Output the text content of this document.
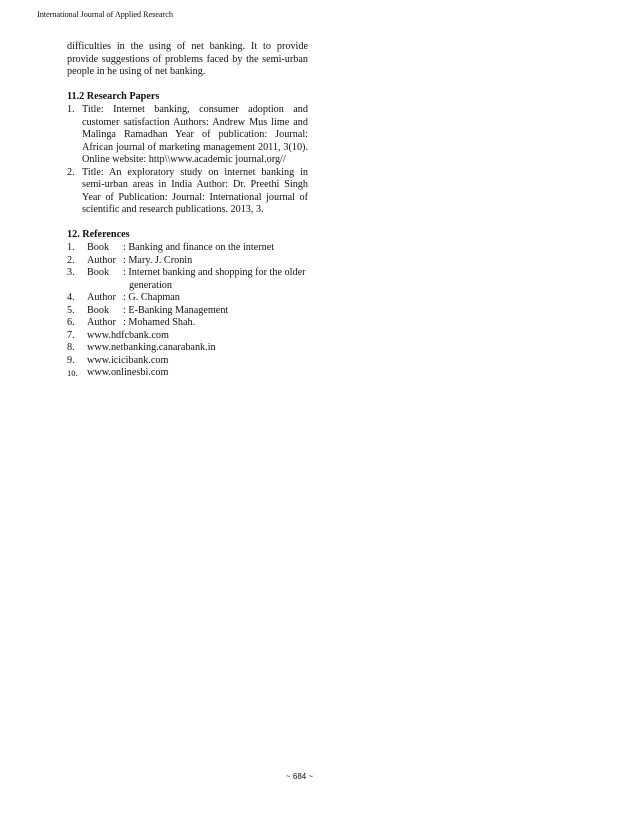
International Journal of Applied Research

difficulties in the using of net banking. It to provide provide suggestions of problems faced by the semi-urban people in he using of net banking.

11.2 Research Papers
1. Title: Internet banking, consumer adoption and customer satisfaction Authors: Andrew Mus lime and Malinga Ramadhan Year of publication: Journal: African journal of marketing management 2011, 3(10). Online website: http\\www.academic journal.org//
2. Title: An exploratory study on internet banking in semi-urban areas in India Author: Dr. Preethi Singh Year of Publication: Journal: International journal of scientific and research publications. 2013, 3.
12. References
1. Book	: Banking and finance on the internet
2. Author : Mary. J. Cronin
3. Book	: Internet banking and shopping for the older generation
4. Author : G. Chapman
5. Book	: E-Banking Management
6. Author : Mohamed Shah.
7. www.hdfcbank.com
8. www.netbanking.canarabank.in
9. www.icicibank.com
10. www.onlinesbi.com
~ 684 ~
